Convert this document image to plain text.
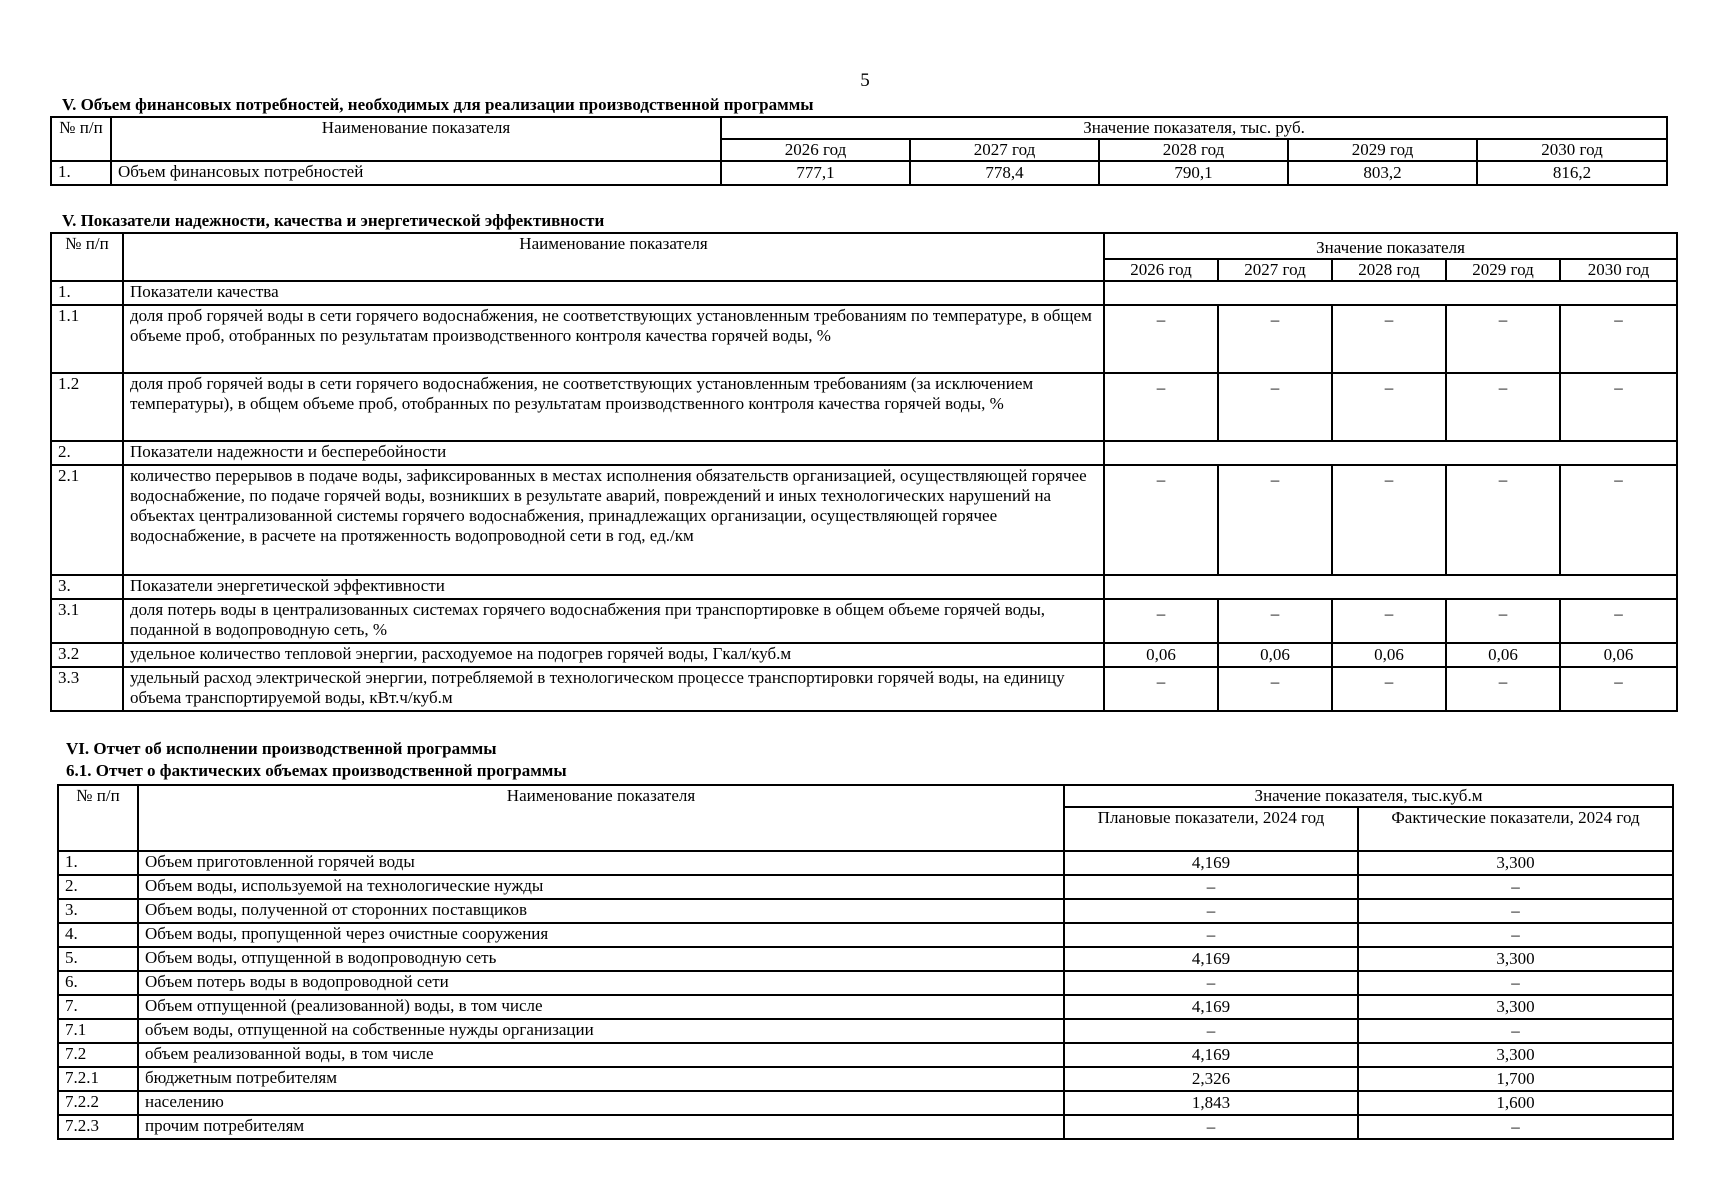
5
V. Объем финансовых потребностей, необходимых для реализации производственной программы
№ п/п	Наименование показателя	Значение показателя, тыс. руб.				
		2026 год	2027 год	2028 год	2029 год	2030 год
1.	Объем финансовых потребностей	777,1	778,4	790,1	803,2	816,2
V. Показатели надежности, качества и энергетической эффективности
№ п/п	Наименование показателя	Значение показателя				
		2026 год	2027 год	2028 год	2029 год	2030 год
1.	Показатели качества					
1.1	доля проб горячей воды в сети горячего водоснабжения, не соответствующих установленным требованиям по температуре, в общем объеме проб, отобранных по результатам производственного контроля качества горячей воды, %	–	–	–	–	–
1.2	доля проб горячей воды в сети горячего водоснабжения, не соответствующих установленным требованиям (за исключением температуры), в общем объеме проб, отобранных по результатам производственного контроля качества горячей воды, %	–	–	–	–	–
2.	Показатели надежности и бесперебойности					
2.1	количество перерывов в подаче воды, зафиксированных в местах исполнения обязательств организацией, осуществляющей горячее водоснабжение, по подаче горячей воды, возникших в результате аварий, повреждений и иных технологических нарушений на объектах централизованной системы горячего водоснабжения, принадлежащих организации, осуществляющей горячее водоснабжение, в расчете на протяженность водопроводной сети в год, ед./км	–	–	–	–	–
3.	Показатели энергетической эффективности					
3.1	доля потерь воды в централизованных системах горячего водоснабжения при транспортировке в общем объеме горячей воды, поданной в водопроводную сеть, %	–	–	–	–	–
3.2	удельное количество тепловой энергии, расходуемое на подогрев горячей воды, Гкал/куб.м	0,06	0,06	0,06	0,06	0,06
3.3	удельный расход электрической энергии, потребляемой в технологическом процессе транспортировки горячей воды, на единицу объема транспортируемой воды, кВт.ч/куб.м	–	–	–	–	–
VI. Отчет об исполнении производственной программы
6.1. Отчет о фактических объемах производственной программы
№ п/п	Наименование показателя	Значение показателя, тыс.куб.м	
		Плановые показатели, 2024 год	Фактические показатели, 2024 год
1.	Объем приготовленной горячей воды	4,169	3,300
2.	Объем воды, используемой на технологические нужды	–	–
3.	Объем воды, полученной от сторонних поставщиков	–	–
4.	Объем воды, пропущенной через очистные сооружения	–	–
5.	Объем воды, отпущенной в водопроводную сеть	4,169	3,300
6.	Объем потерь воды в водопроводной сети	–	–
7.	Объем отпущенной (реализованной) воды, в том числе	4,169	3,300
7.1	объем воды, отпущенной на собственные нужды организации	–	–
7.2	объем реализованной воды, в том числе	4,169	3,300
7.2.1	бюджетным потребителям	2,326	1,700
7.2.2	населению	1,843	1,600
7.2.3	прочим потребителям	–	–
